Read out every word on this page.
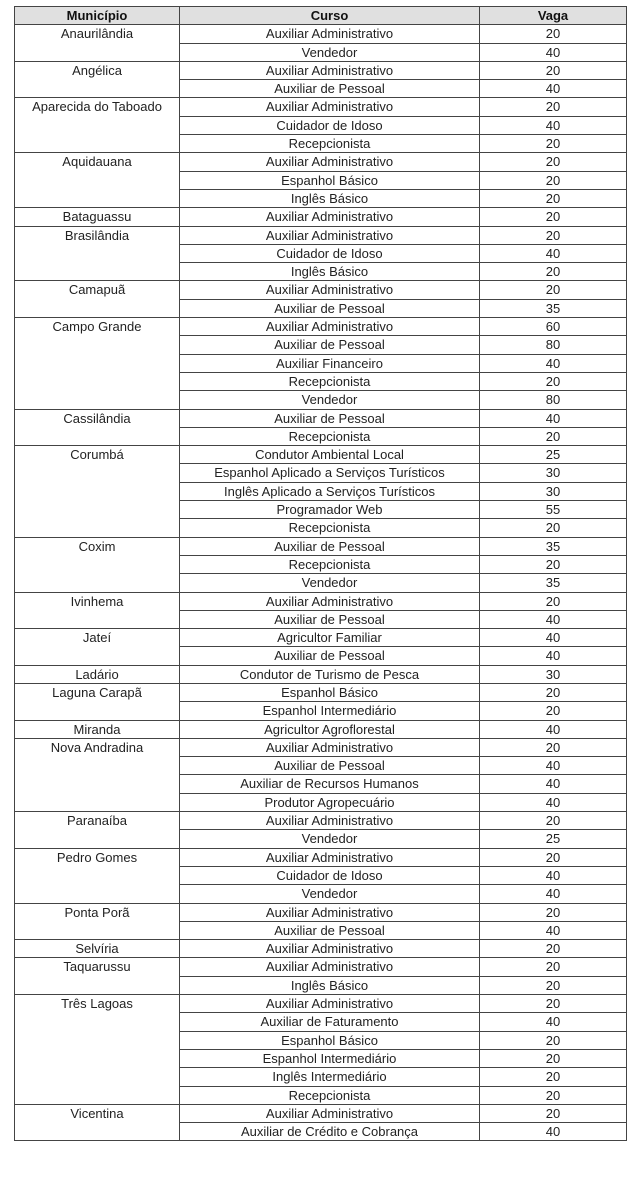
Município	Curso	Vaga
Anaurilândia	Auxiliar Administrativo	20
	Vendedor	40
Angélica	Auxiliar Administrativo	20
	Auxiliar de Pessoal	40
Aparecida do Taboado	Auxiliar Administrativo	20
	Cuidador de Idoso	40
	Recepcionista	20
Aquidauana	Auxiliar Administrativo	20
	Espanhol Básico	20
	Inglês Básico	20
Bataguassu	Auxiliar Administrativo	20
Brasilândia	Auxiliar Administrativo	20
	Cuidador de Idoso	40
	Inglês Básico	20
Camapuã	Auxiliar Administrativo	20
	Auxiliar de Pessoal	35
Campo Grande	Auxiliar Administrativo	60
	Auxiliar de Pessoal	80
	Auxiliar Financeiro	40
	Recepcionista	20
	Vendedor	80
Cassilândia	Auxiliar de Pessoal	40
	Recepcionista	20
Corumbá	Condutor Ambiental Local	25
	Espanhol Aplicado a Serviços Turísticos	30
	Inglês Aplicado a Serviços Turísticos	30
	Programador Web	55
	Recepcionista	20
Coxim	Auxiliar de Pessoal	35
	Recepcionista	20
	Vendedor	35
Ivinhema	Auxiliar Administrativo	20
	Auxiliar de Pessoal	40
Jateí	Agricultor Familiar	40
	Auxiliar de Pessoal	40
Ladário	Condutor de Turismo de Pesca	30
Laguna Carapã	Espanhol Básico	20
	Espanhol Intermediário	20
Miranda	Agricultor Agroflorestal	40
Nova Andradina	Auxiliar Administrativo	20
	Auxiliar de Pessoal	40
	Auxiliar de Recursos Humanos	40
	Produtor Agropecuário	40
Paranaíba	Auxiliar Administrativo	20
	Vendedor	25
Pedro Gomes	Auxiliar Administrativo	20
	Cuidador de Idoso	40
	Vendedor	40
Ponta Porã	Auxiliar Administrativo	20
	Auxiliar de Pessoal	40
Selvíria	Auxiliar Administrativo	20
Taquarussu	Auxiliar Administrativo	20
	Inglês Básico	20
Três Lagoas	Auxiliar Administrativo	20
	Auxiliar de Faturamento	40
	Espanhol Básico	20
	Espanhol Intermediário	20
	Inglês Intermediário	20
	Recepcionista	20
Vicentina	Auxiliar Administrativo	20
	Auxiliar de Crédito e Cobrança	40
